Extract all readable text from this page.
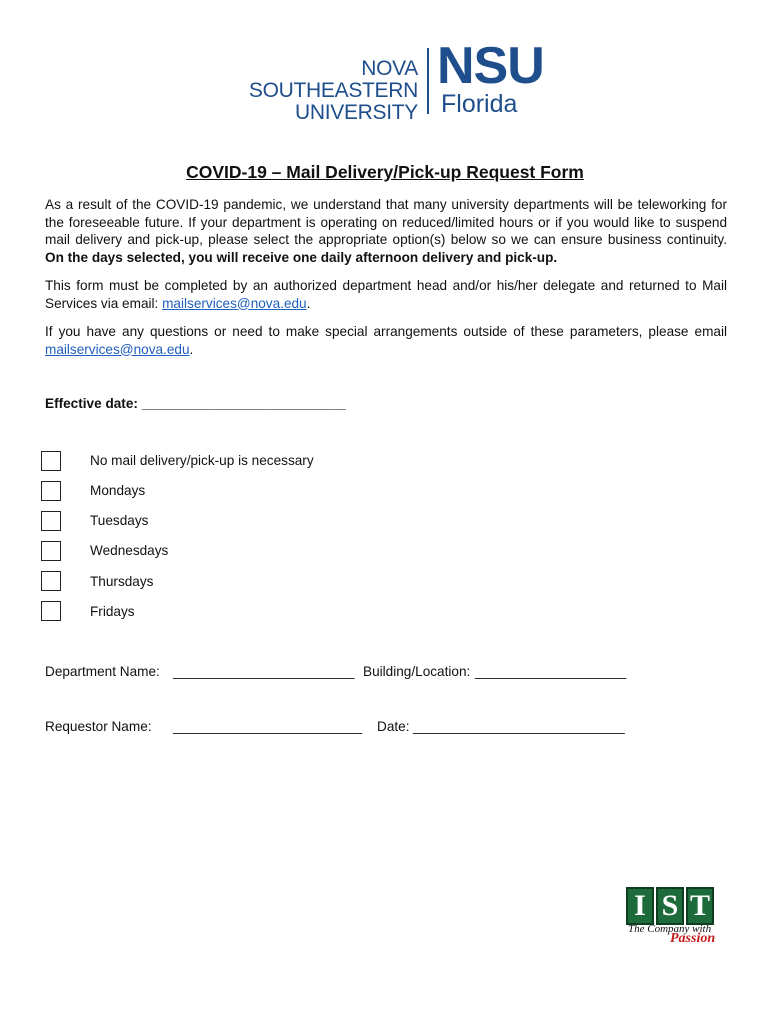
NOVA SOUTHEASTERN
UNIVERSITY
NSU
Florida
COVID-19 – Mail Delivery/Pick-up Request Form
As a result of the COVID-19 pandemic, we understand that many university departments will be teleworking for the foreseeable future. If your department is operating on reduced/limited hours or if you would like to suspend mail delivery and pick-up, please select the appropriate option(s) below so we can ensure business continuity. On the days selected, you will receive one daily afternoon delivery and pick-up.
This form must be completed by an authorized department head and/or his/her delegate and returned to Mail Services via email: mailservices@nova.edu.
If you have any questions or need to make special arrangements outside of these parameters, please email mailservices@nova.edu.
Effective date: ___________________________
No mail delivery/pick-up is necessary
Mondays
Tuesdays
Wednesdays
Thursdays
Fridays
Department Name: ________________________ Building/Location: ____________________
Requestor Name: _________________________ Date: ____________________________
I S T
The Company with
Passion
